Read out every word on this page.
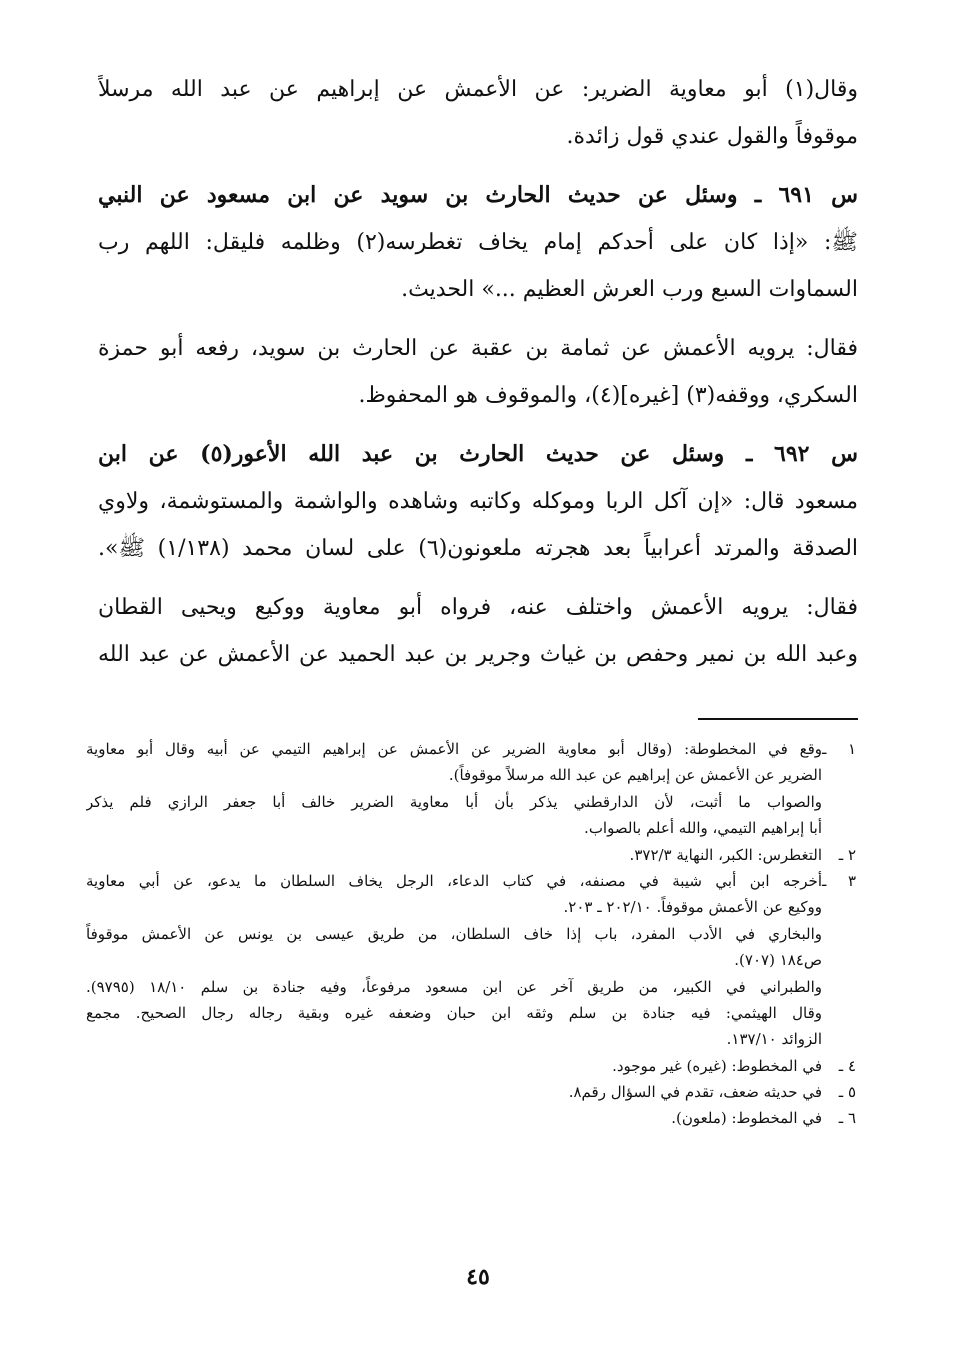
وقال(١) أبو معاوية الضرير: عن الأعمش عن إبراهيم عن عبد الله مرسلاً
موقوفاً والقول عندي قول زائدة.
س ٦٩١ ـ وسئل عن حديث الحارث بن سويد عن ابن مسعود عن النبي
ﷺ: «إذا كان على أحدكم إمام يخاف تغطرسه(٢) وظلمه فليقل: اللهم رب
السماوات السبع ورب العرش العظيم ...» الحديث.
فقال: يرويه الأعمش عن ثمامة بن عقبة عن الحارث بن سويد، رفعه أبو حمزة
السكري، ووقفه(٣) [غيره](٤)، والموقوف هو المحفوظ.
س ٦٩٢ ـ وسئل عن حديث الحارث بن عبد الله الأعور(٥) عن ابن
مسعود قال: «إن آكل الربا وموكله وكاتبه وشاهده والواشمة والمستوشمة، ولاوي
الصدقة والمرتد أعرابياً بعد هجرته ملعونون(٦) على لسان محمد (١/١٣٨) ﷺ».
فقال: يرويه الأعمش واختلف عنه، فرواه أبو معاوية ووكيع ويحيى القطان
وعبد الله بن نمير وحفص بن غياث وجرير بن عبد الحميد عن الأعمش عن عبد الله
١ ـوقع في المخطوطة: (وقال أبو معاوية الضرير عن الأعمش عن إبراهيم التيمي عن أبيه وقال أبو معاوية
الضرير عن الأعمش عن إبراهيم عن عبد الله مرسلاً موقوفاً).
والصواب ما أثبت، لأن الدارقطني يذكر بأن أبا معاوية الضرير خالف أبا جعفر الرازي فلم يذكر
أبا إبراهيم التيمي، والله أعلم بالصواب.
٢ ـالتغطرس: الكبر، النهاية ٣٧٢/٣.
٣ ـأخرجه ابن أبي شيبة في مصنفه، في كتاب الدعاء، الرجل يخاف السلطان ما يدعو، عن أبي معاوية
ووكيع عن الأعمش موقوفاً. ٢٠٢/١٠ ـ ٢٠٣.
والبخاري في الأدب المفرد، باب إذا خاف السلطان، من طريق عيسى بن يونس عن الأعمش موقوفاً
ص١٨٤ (٧٠٧).
والطبراني في الكبير، من طريق آخر عن ابن مسعود مرفوعاً، وفيه جنادة بن سلم ١٨/١٠ (٩٧٩٥).
وقال الهيثمي: فيه جنادة بن سلم وثقه ابن حبان وضعفه غيره وبقية رجاله رجال الصحيح. مجمع
الزوائد ١٣٧/١٠.
٤ ـفي المخطوط: (غيره) غير موجود.
٥ ـفي حديثه ضعف، تقدم في السؤال رقم٨.
٦ ـفي المخطوط: (ملعون).
٤٥
